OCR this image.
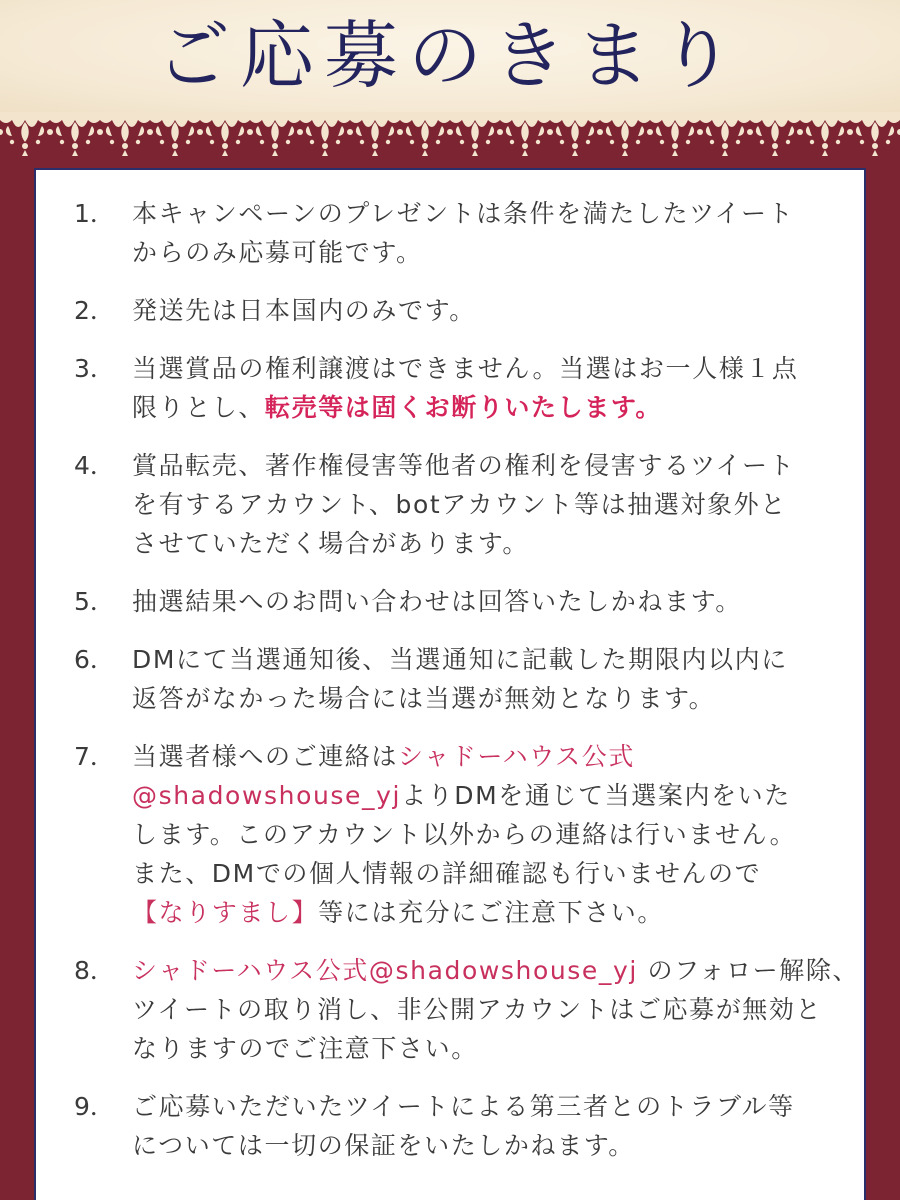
ご応募のきまり
1． 本キャンペーンのプレゼントは条件を満たしたツイート
からのみ応募可能です。
2． 発送先は日本国内のみです。
3． 当選賞品の権利譲渡はできません。当選はお一人様１点
限りとし、転売等は固くお断りいたします。
4． 賞品転売、著作権侵害等他者の権利を侵害するツイート
を有するアカウント、botアカウント等は抽選対象外と
させていただく場合があります。
5． 抽選結果へのお問い合わせは回答いたしかねます。
6． DMにて当選通知後、当選通知に記載した期限内以内に
返答がなかった場合には当選が無効となります。
7． 当選者様へのご連絡はシャドーハウス公式
@shadowshouse_yjよりDMを通じて当選案内をいた
します。このアカウント以外からの連絡は行いません。
また、DMでの個人情報の詳細確認も行いませんので
【なりすまし】等には充分にご注意下さい。
8． シャドーハウス公式@shadowshouse_yj のフォロー解除、
ツイートの取り消し、非公開アカウントはご応募が無効と
なりますのでご注意下さい。
9． ご応募いただいたツイートによる第三者とのトラブル等
については一切の保証をいたしかねます。
